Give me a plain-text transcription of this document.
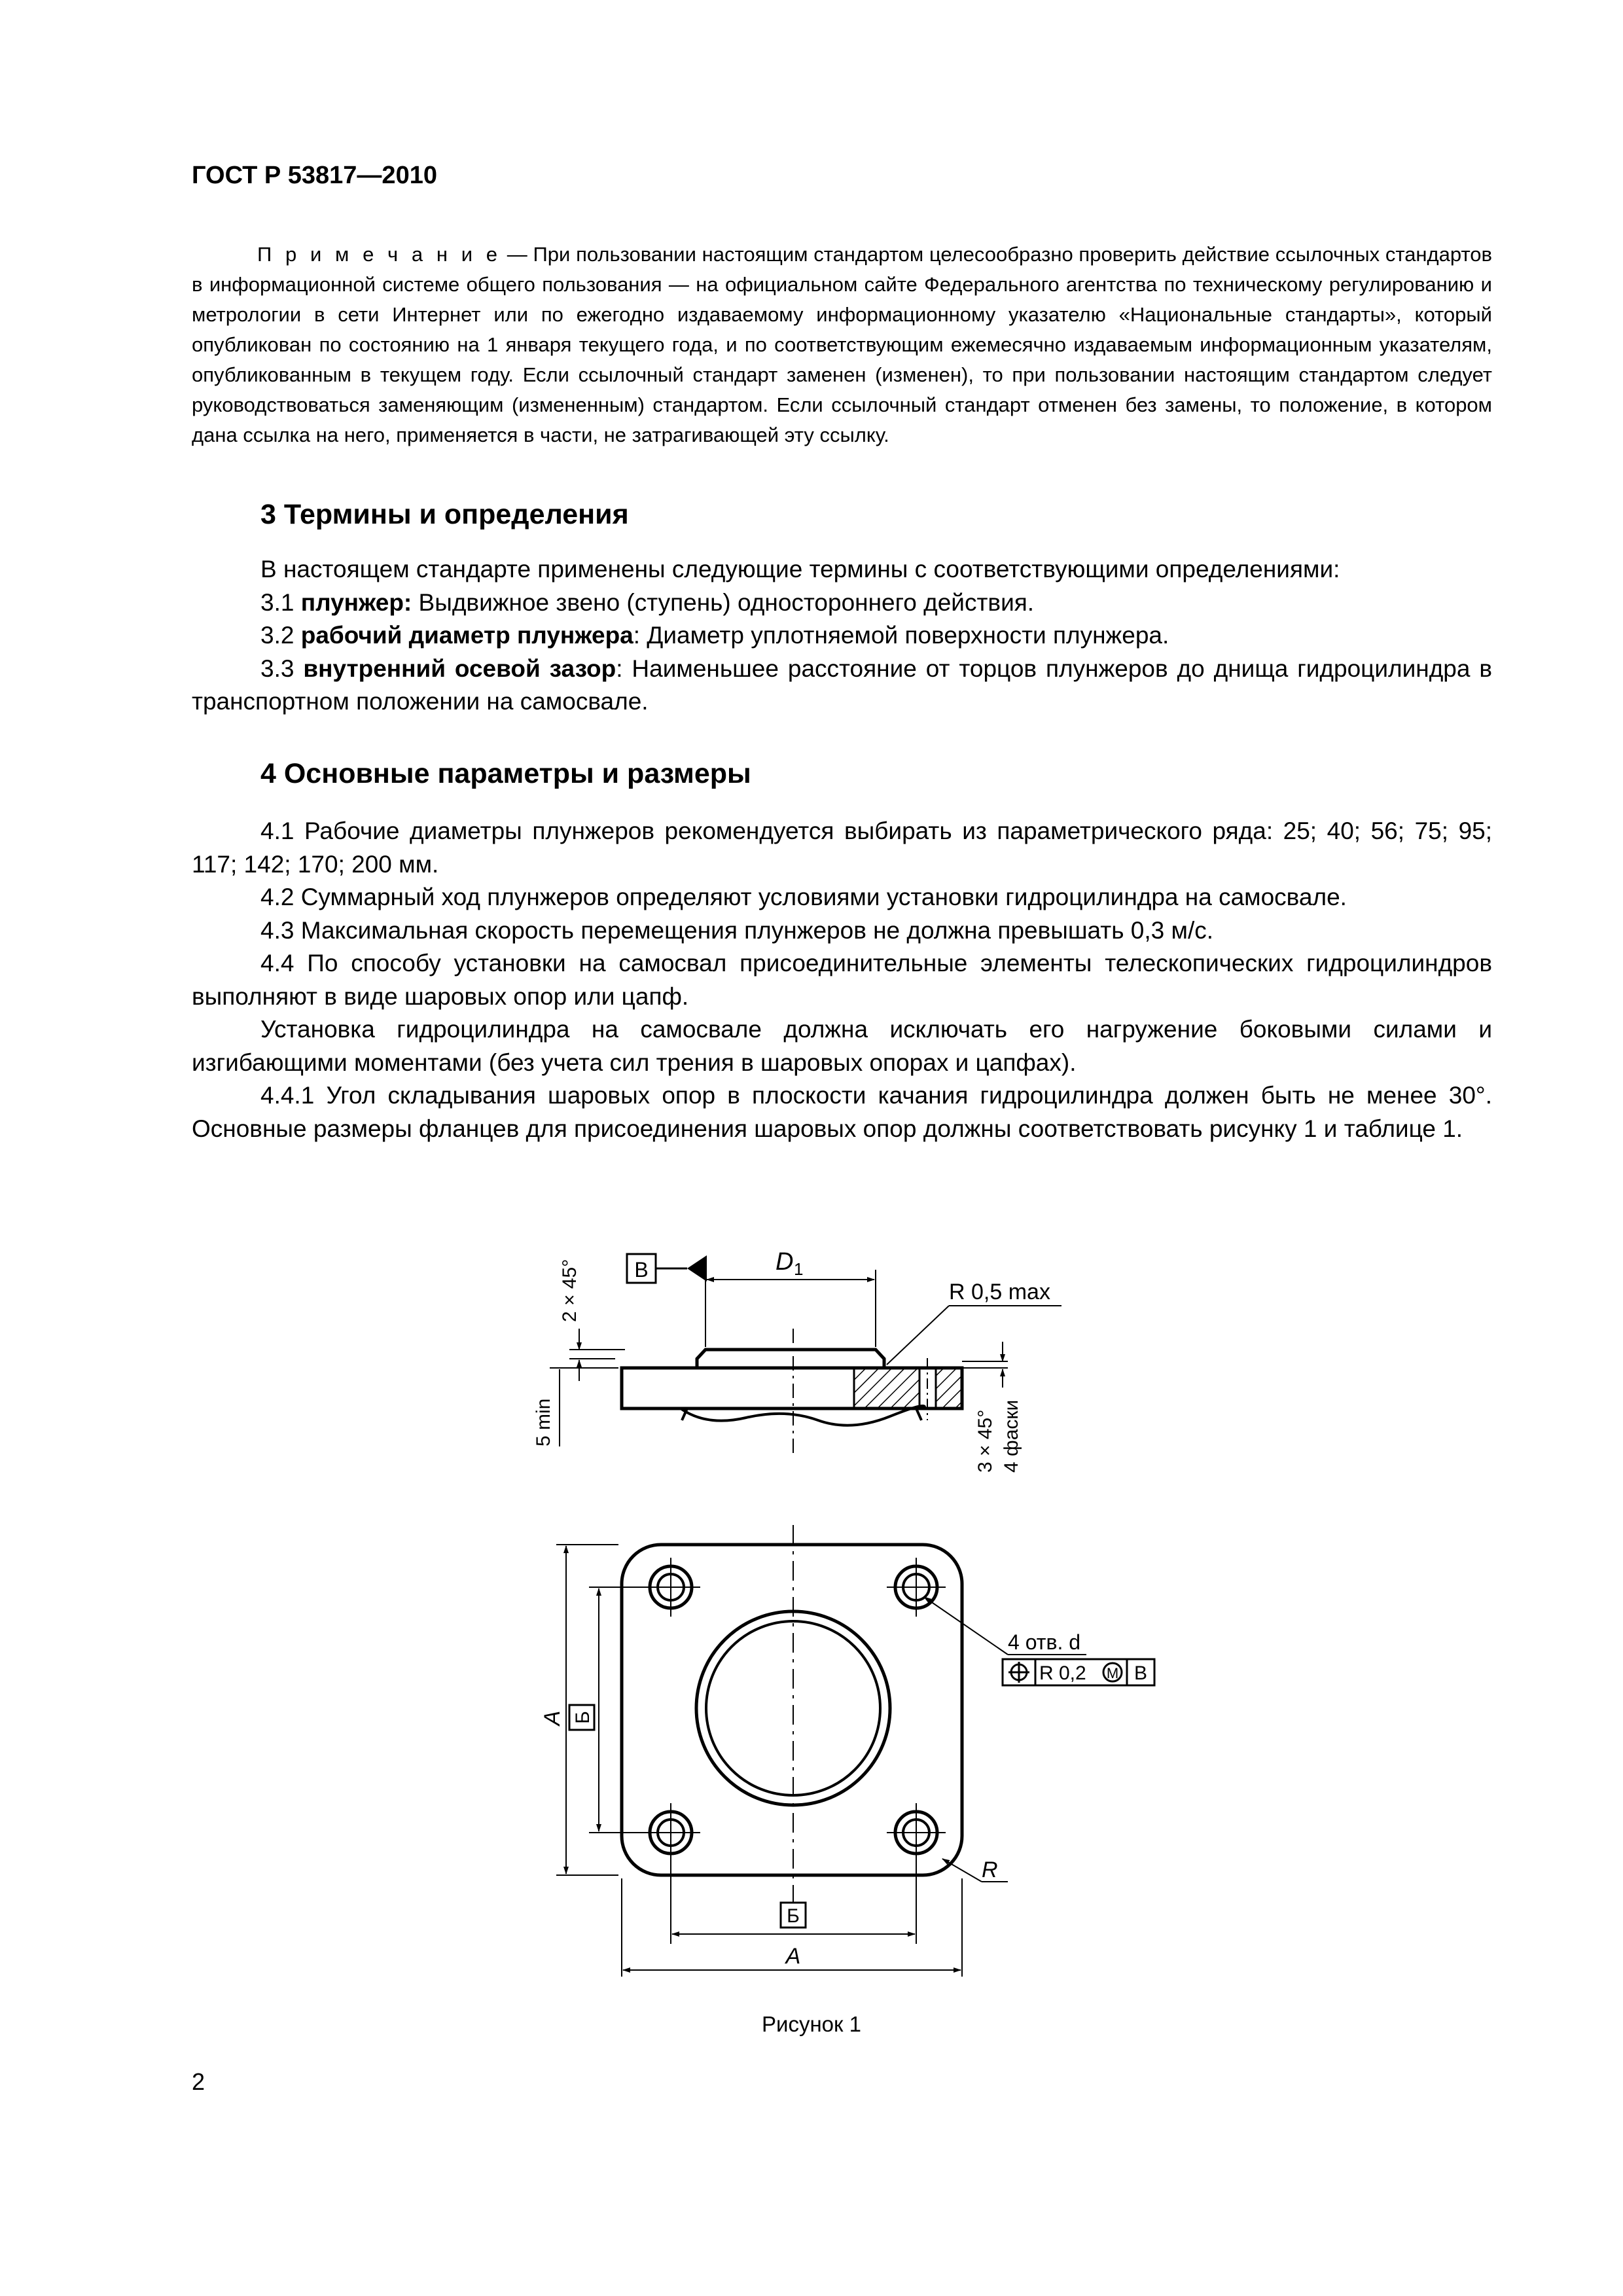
ГОСТ Р 53817—2010

П р и м е ч а н и е — При пользовании настоящим стандартом целесообразно проверить действие ссылочных стандартов в информационной системе общего пользования — на официальном сайте Федерального агентства по техническому регулированию и метрологии в сети Интернет или по ежегодно издаваемому информационному указателю «Национальные стандарты», который опубликован по состоянию на 1 января текущего года, и по соответствующим ежемесячно издаваемым информационным указателям, опубликованным в текущем году. Если ссылочный стандарт заменен (изменен), то при пользовании настоящим стандартом следует руководствоваться заменяющим (измененным) стандартом. Если ссылочный стандарт отменен без замены, то положение, в котором дана ссылка на него, применяется в части, не затрагивающей эту ссылку.

3 Термины и определения

В настоящем стандарте применены следующие термины с соответствующими определениями:

3.1 плунжер: Выдвижное звено (ступень) одностороннего действия.

3.2 рабочий диаметр плунжера: Диаметр уплотняемой поверхности плунжера.

3.3 внутренний осевой зазор: Наименьшее расстояние от торцов плунжеров до днища гидроцилиндра в транспортном положении на самосвале.

4 Основные параметры и размеры

4.1 Рабочие диаметры плунжеров рекомендуется выбирать из параметрического ряда: 25; 40; 56; 75; 95; 117; 142; 170; 200 мм.

4.2 Суммарный ход плунжеров определяют условиями установки гидроцилиндра на самосвале.

4.3 Максимальная скорость перемещения плунжеров не должна превышать 0,3 м/с.

4.4 По способу установки на самосвал присоединительные элементы телескопических гидроцилиндров выполняют в виде шаровых опор или цапф.

Установка гидроцилиндра на самосвале должна исключать его нагружение боковыми силами и изгибающими моментами (без учета сил трения в шаровых опорах и цапфах).

4.4.1 Угол складывания шаровых опор в плоскости качания гидроцилиндра должен быть не менее 30°. Основные размеры фланцев для присоединения шаровых опор должны соответствовать рисунку 1 и таблице 1.

D 1
В
R 0,5 max
2 × 45°
5 min	3 × 45° 4 фаски
A Б
Б
A
4 отв. d
R 0,2 M В
R
Рисунок 1
2
